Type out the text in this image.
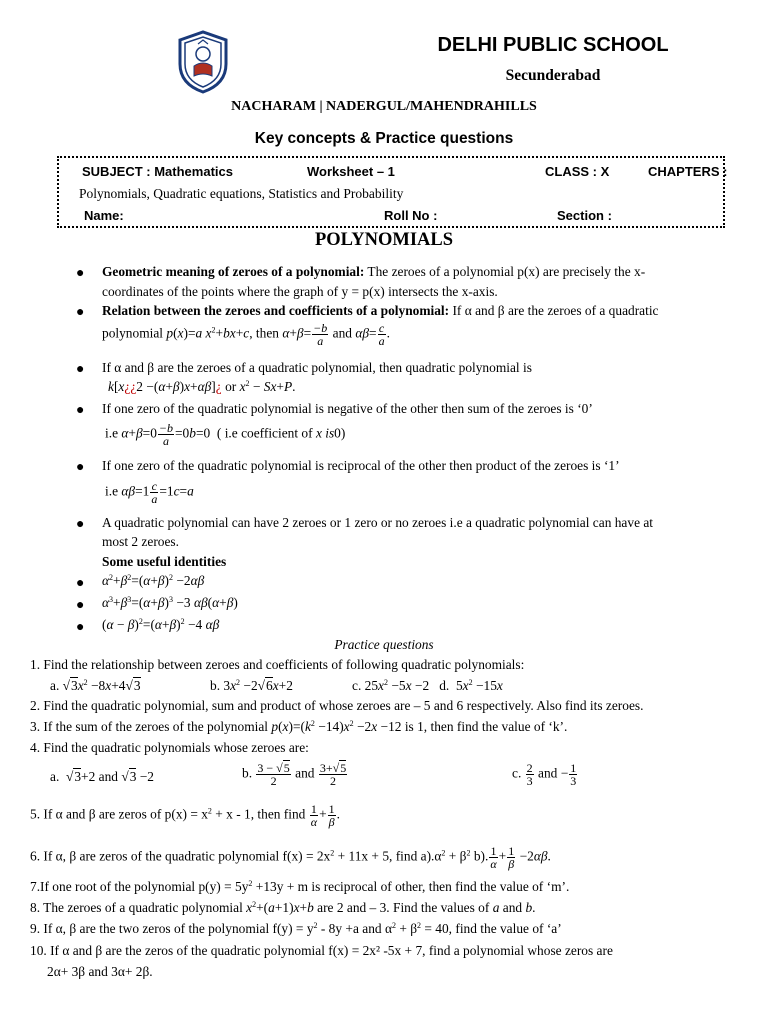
DELHI PUBLIC SCHOOL
Secunderabad
NACHARAM | NADERGUL/MAHENDRAHILLS
Key concepts & Practice questions
SUBJECT : Mathematics	Worksheet – 1	CLASS : X	CHAPTERS :
Polynomials, Quadratic equations, Statistics and Probability
Name:	Roll No :	Section :
POLYNOMIALS
● Geometric meaning of zeroes of a polynomial: The zeroes of a polynomial p(x) are precisely the x-
coordinates of the points where the graph of y = p(x) intersects the x-axis.
● Relation between the zeroes and coefficients of a polynomial: If α and β are the zeroes of a quadratic
polynomial p(x)=a $x^2+bx+c$, then $\alpha+\beta= \frac{-b}{a}$ and $\alpha\beta= \frac{c}{a}$ .
● If α and β are the zeroes of a quadratic polynomial, then quadratic polynomial is
k[x¿¿2 −(α+β)x+αβ]¿ or $x^2 - Sx+P$.
● If one zero of the quadratic polynomial is negative of the other then sum of the zeroes is ‘0’
i.e $\alpha+\beta=0 \frac{-b}{a} =0b=0$  ( i.e coefficient of x is0)
● If one zero of the quadratic polynomial is reciprocal of the other then product of the zeroes is ‘1’
i.e $\alpha\beta=1 \frac{c}{a} =1c=a$
● A quadratic polynomial can have 2 zeroes or 1 zero or no zeroes i.e a quadratic polynomial can have at
most 2 zeroes.
Some useful identities
● $\alpha^2+\beta^2=(\alpha+\beta)^2 -2\alpha\beta$
● $\alpha^3+\beta^3=(\alpha+\beta)^3 -3$ αβ(α+β)
● $(\alpha - \beta)^2=(\alpha+\beta)^2 -4$ αβ
Practice questions
1. Find the relationship between zeroes and coefficients of following quadratic polynomials:
a. $√3x^2 -8x+4√3$	b. $3x^2 -2√6x+2$	c. $25x^2 -5x -2$   d.  $5x^2 -15x$
2. Find the quadratic polynomial, sum and product of whose zeroes are – 5 and 6 respectively. Also find its zeroes.
3. If the sum of the zeroes of the polynomial $p(x)=(k^2 -14)x^2 -2x -12$ is 1, then find the value of ‘k’.
4. Find the quadratic polynomials whose zeroes are:
a.  √3+2 and √3 −2	b. $\frac{3 - √5}{2}$ and $\frac{3+√5}{2}$	c. $\frac{2}{3}$ and − $\frac{1}{3}$
5. If α and β are zeros of $p(x) = x^2 + x - 1$, then find $\frac{1}{\alpha} + \frac{1}{\beta}$ .
6. If α, β are zeros of the quadratic polynomial $f(x) = 2x^2 + 11x + 5$, find $a).\alpha^2 + \beta^2$ b). $\frac{1}{\alpha} + \frac{1}{\beta} -2\alpha\beta$.
7.If one root of the polynomial $p(y) = 5y^2 +13y + m$ is reciprocal of other, then find the value of ‘m’.
8. The zeroes of a quadratic polynomial $x^2+(a+1)x+b$ are 2 and – 3. Find the values of a and b.
9. If α, β are the two zeros of the polynomial $f(y) = y^2 - 8y +a$ and $\alpha^2 + \beta^2 = 40$, find the value of ‘a’
10. If α and β are the zeros of the quadratic polynomial f(x) = 2x² -5x + 7, find a polynomial whose zeros are
2α+ 3β and 3α+ 2β.
